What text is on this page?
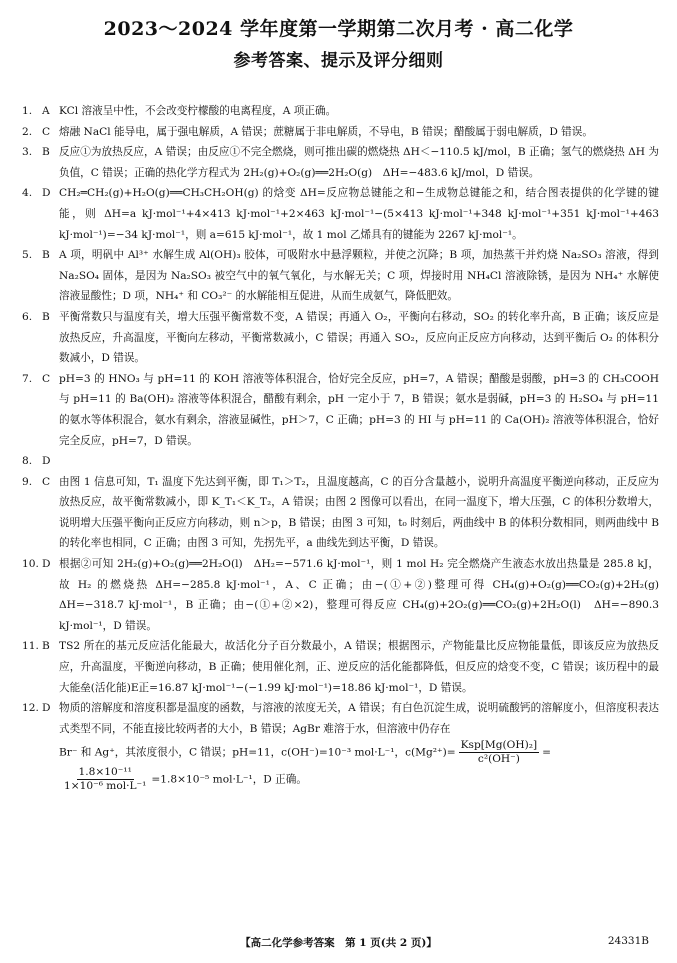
2023～2024 学年度第一学期第二次月考 · 高二化学
参考答案、提示及评分细则
1. A KCl 溶液呈中性，不会改变柠檬酸的电离程度，A 项正确。
2. C 熔融 NaCl 能导电，属于强电解质，A 错误；蔗糖属于非电解质，不导电，B 错误；醋酸属于弱电解质，D 错误。
3. B 反应①为放热反应，A 错误；由反应①不完全燃烧，则可推出碳的燃烧热 ΔH＜−110.5 kJ/mol，B 正确；氢气的燃烧热 ΔH 为负值，C 错误；正确的热化学方程式为 2H₂(g)+O₂(g)══2H₂O(g)　ΔH=−483.6 kJ/mol，D 错误。
4. D CH₂═CH₂(g)+H₂O(g)══CH₃CH₂OH(g) 的焓变 ΔH=反应物总键能之和−生成物总键能之和，结合图表提供的化学键的键能，则 ΔH=a kJ·mol⁻¹+4×413 kJ·mol⁻¹+2×463 kJ·mol⁻¹−(5×413 kJ·mol⁻¹+348 kJ·mol⁻¹+351 kJ·mol⁻¹+463 kJ·mol⁻¹)=−34 kJ·mol⁻¹，则 a=615 kJ·mol⁻¹，故 1 mol 乙烯具有的键能为 2267 kJ·mol⁻¹。
5. B A 项，明矾中 Al³⁺ 水解生成 Al(OH)₃ 胶体，可吸附水中悬浮颗粒，并使之沉降；B 项，加热蒸干并灼烧 Na₂SO₃ 溶液，得到 Na₂SO₄ 固体，是因为 Na₂SO₃ 被空气中的氧气氧化，与水解无关；C 项，焊接时用 NH₄Cl 溶液除锈，是因为 NH₄⁺ 水解使溶液显酸性；D 项，NH₄⁺ 和 CO₃²⁻ 的水解能相互促进，从而生成氨气，降低肥效。
6. B 平衡常数只与温度有关，增大压强平衡常数不变，A 错误；再通入 O₂，平衡向右移动，SO₂ 的转化率升高，B 正确；该反应是放热反应，升高温度，平衡向左移动，平衡常数减小，C 错误；再通入 SO₂，反应向正反应方向移动，达到平衡后 O₂ 的体积分数减小，D 错误。
7. C pH=3 的 HNO₃ 与 pH=11 的 KOH 溶液等体积混合，恰好完全反应，pH=7，A 错误；醋酸是弱酸，pH=3 的 CH₃COOH 与 pH=11 的 Ba(OH)₂ 溶液等体积混合，醋酸有剩余，pH 一定小于 7，B 错误；氨水是弱碱，pH=3 的 H₂SO₄ 与 pH=11 的氨水等体积混合，氨水有剩余，溶液显碱性，pH＞7，C 正确；pH=3 的 HI 与 pH=11 的 Ca(OH)₂ 溶液等体积混合，恰好完全反应，pH=7，D 错误。
8. D
9. C 由图 1 信息可知，T₁ 温度下先达到平衡，即 T₁＞T₂，且温度越高，C 的百分含量越小，说明升高温度平衡逆向移动，正反应为放热反应，故平衡常数减小，即 K_T₁＜K_T₂，A 错误；由图 2 图像可以看出，在同一温度下，增大压强，C 的体积分数增大，说明增大压强平衡向正反应方向移动，则 n＞p，B 错误；由图 3 可知，t₀ 时刻后，两曲线中 B 的体积分数相同，则两曲线中 B 的转化率也相同，C 正确；由图 3 可知，先拐先平，a 曲线先到达平衡，D 错误。
10. D 根据②可知 2H₂(g)+O₂(g)══2H₂O(l)　ΔH₂=−571.6 kJ·mol⁻¹，则 1 mol H₂ 完全燃烧产生液态水放出热量是 285.8 kJ，故 H₂ 的燃烧热 ΔH=−285.8 kJ·mol⁻¹，A、C 正确；由−(①+②)整理可得 CH₄(g)+O₂(g)══CO₂(g)+2H₂(g)　ΔH=−318.7 kJ·mol⁻¹，B 正确；由−(①+②×2)，整理可得反应 CH₄(g)+2O₂(g)══CO₂(g)+2H₂O(l)　ΔH=−890.3 kJ·mol⁻¹，D 错误。
11. B TS2 所在的基元反应活化能最大，故活化分子百分数最小，A 错误；根据图示，产物能量比反应物能量低，即该反应为放热反应，升高温度，平衡逆向移动，B 正确；使用催化剂，正、逆反应的活化能都降低，但反应的焓变不变，C 错误；该历程中的最大能垒(活化能)E正=16.87 kJ·mol⁻¹−(−1.99 kJ·mol⁻¹)=18.86 kJ·mol⁻¹，D 错误。
12. D 物质的溶解度和溶度积都是温度的函数，与溶液的浓度无关，A 错误；有白色沉淀生成，说明硫酸钙的溶解度小，但溶度积表达式类型不同，不能直接比较两者的大小，B 错误；AgBr 难溶于水，但溶液中仍存在
Br⁻ 和 Ag⁺，其浓度很小，C 错误；pH=11，c(OH⁻)=10⁻³ mol·L⁻¹，$c(Mg^{2+})= \frac{\text{Ksp[Mg(OH)₂]}}{\text{c²(OH⁻)}}$ =

$\frac{\text{1.8×10⁻¹¹}}{\text{1×10⁻⁶ mol·L⁻¹}} =1.8\times 10^{-5}$ mol·L⁻¹，D 正确。
【高二化学参考答案　第 1 页(共 2 页)】	24331B
